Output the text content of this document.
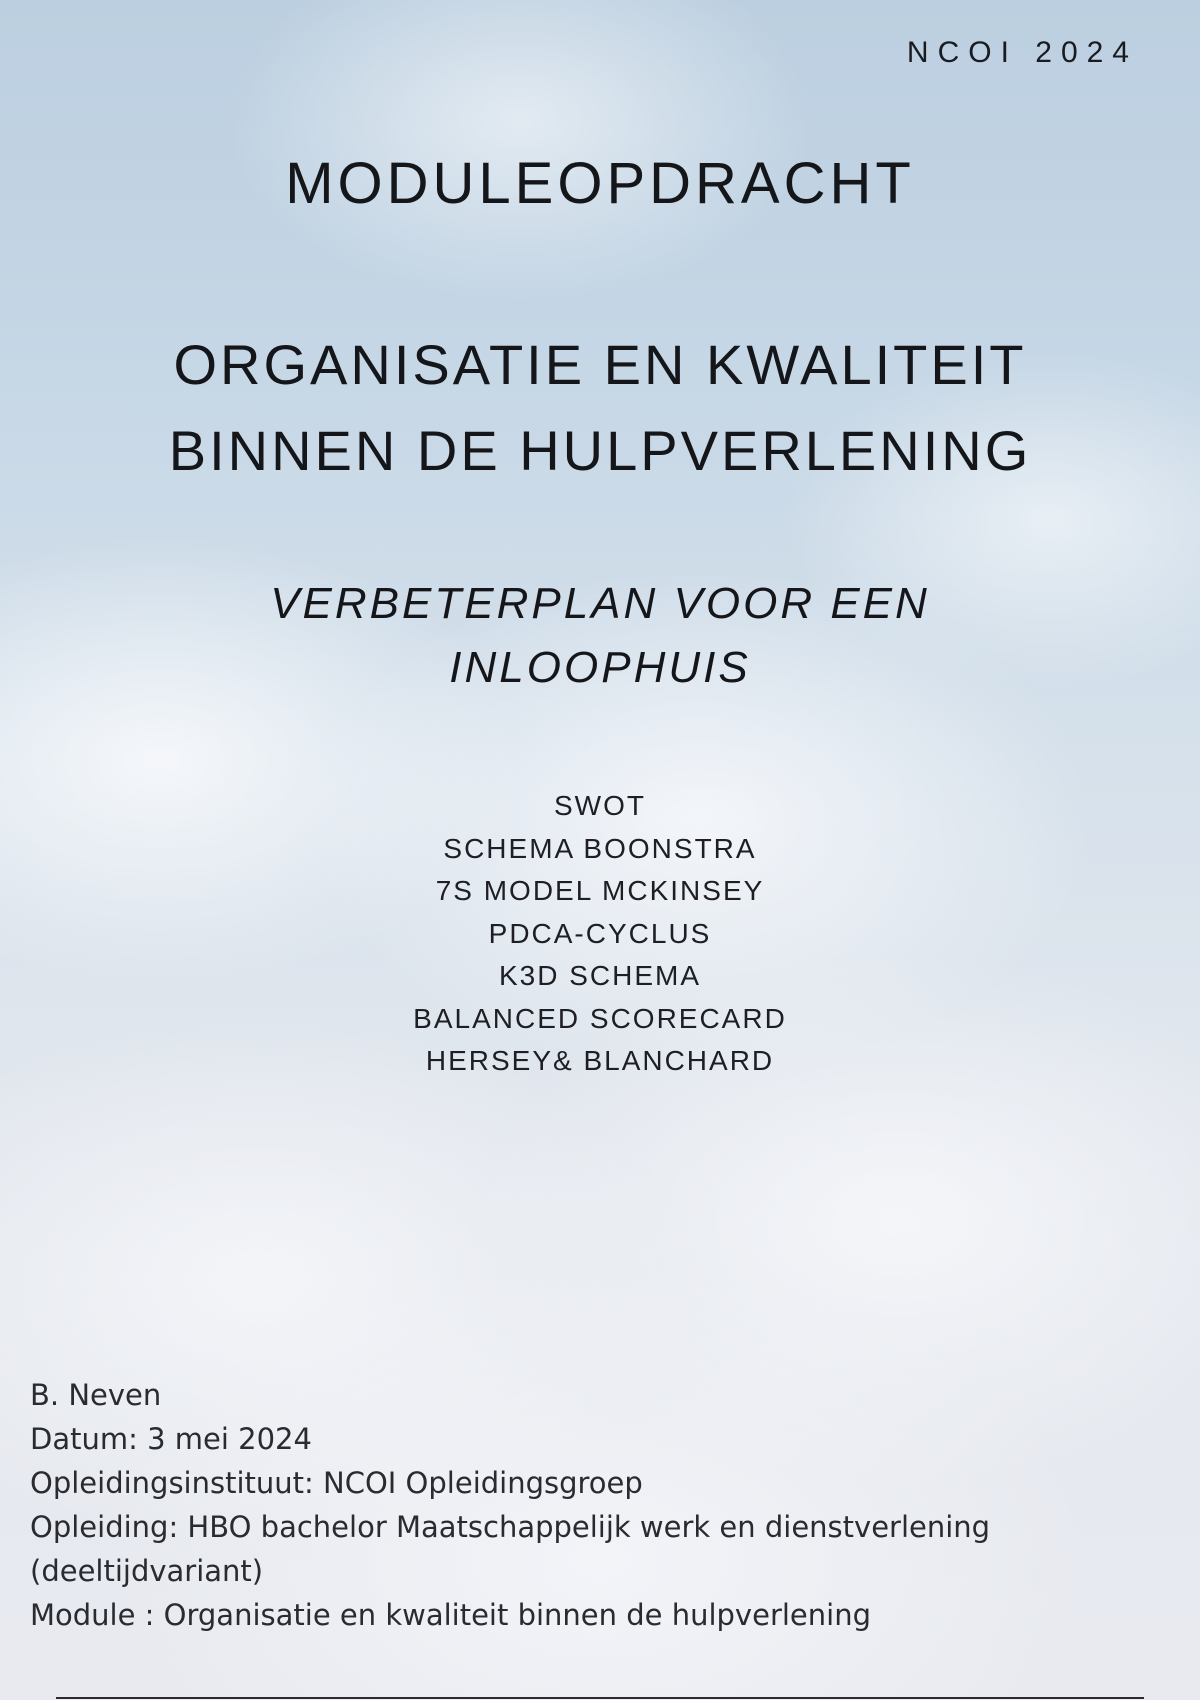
NCOI 2024
MODULEOPDRACHT
ORGANISATIE EN KWALITEIT
BINNEN DE HULPVERLENING
VERBETERPLAN VOOR EEN
INLOOPHUIS
SWOT
SCHEMA BOONSTRA
7S MODEL MCKINSEY
PDCA-CYCLUS
K3D SCHEMA
BALANCED SCORECARD
HERSEY& BLANCHARD
B. Neven
Datum: 3 mei 2024
Opleidingsinstituut: NCOI Opleidingsgroep
Opleiding: HBO bachelor Maatschappelijk werk en dienstverlening
(deeltijdvariant)
Module : Organisatie en kwaliteit binnen de hulpverlening
